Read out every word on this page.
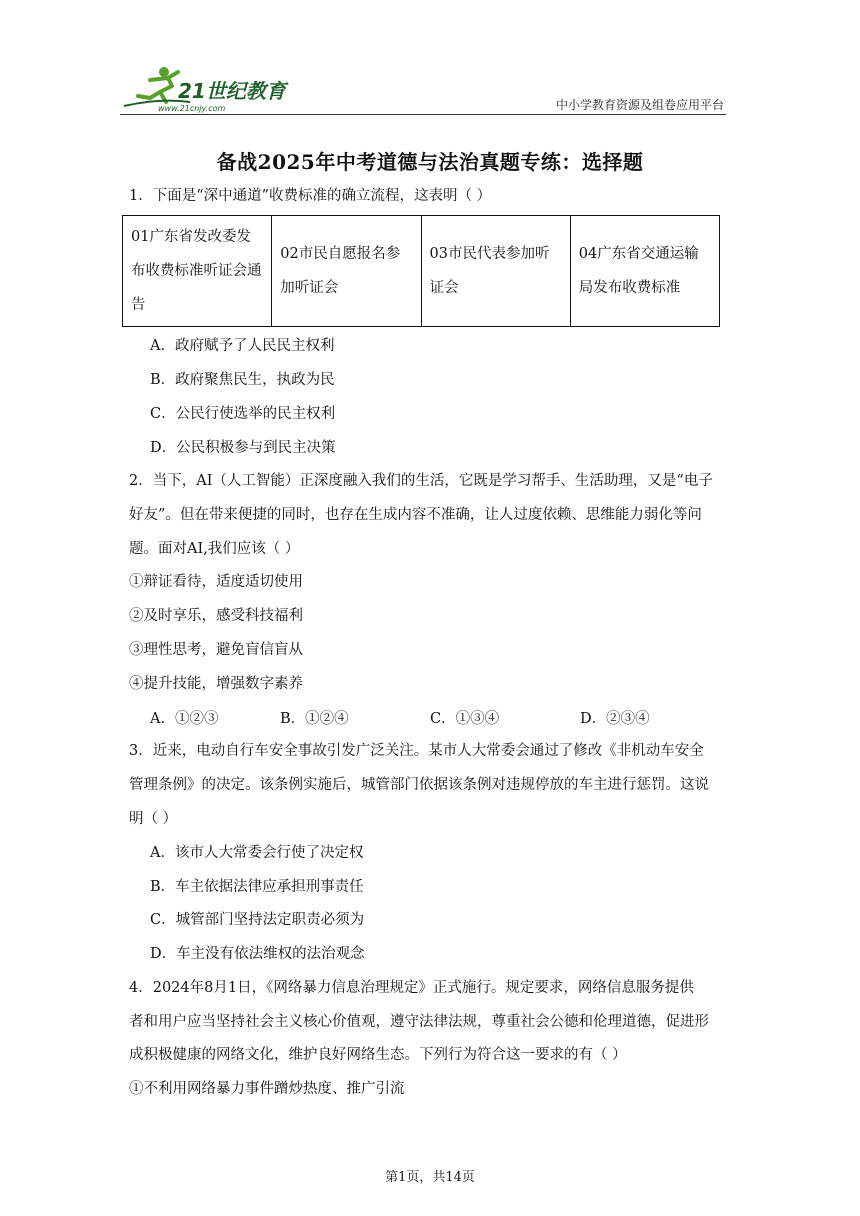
21世纪教育
www.21cnjy.com	中小学教育资源及组卷应用平台
备战2025年中考道德与法治真题专练：选择题
1．下面是“深中通道”收费标准的确立流程，这表明（ ）
01广东省发改委发布收费标准听证会通告	02市民自愿报名参加听证会	03市民代表参加听证会	04广东省交通运输局发布收费标准
A．政府赋予了人民民主权利
B．政府聚焦民生，执政为民
C．公民行使选举的民主权利
D．公民积极参与到民主决策
2．当下，AI（人工智能）正深度融入我们的生活，它既是学习帮手、生活助理，又是“电子
好友”。但在带来便捷的同时，也存在生成内容不准确，让人过度依赖、思维能力弱化等问
题。面对AI,我们应该（ ）
①辩证看待，适度适切使用
②及时享乐，感受科技福利
③理性思考，避免盲信盲从
④提升技能，增强数字素养
A．①②③	B．①②④	C．①③④	D．②③④
3．近来，电动自行车安全事故引发广泛关注。某市人大常委会通过了修改《非机动车安全
管理条例》的决定。该条例实施后，城管部门依据该条例对违规停放的车主进行惩罚。这说
明（ ）
A．该市人大常委会行使了决定权
B．车主依据法律应承担刑事责任
C．城管部门坚持法定职责必须为
D．车主没有依法维权的法治观念
4．2024年8月1日，《网络暴力信息治理规定》正式施行。规定要求，网络信息服务提供
者和用户应当坚持社会主义核心价值观，遵守法律法规，尊重社会公德和伦理道德，促进形
成积极健康的网络文化，维护良好网络生态。下列行为符合这一要求的有（ ）
①不利用网络暴力事件蹭炒热度、推广引流
第1页，共14页
